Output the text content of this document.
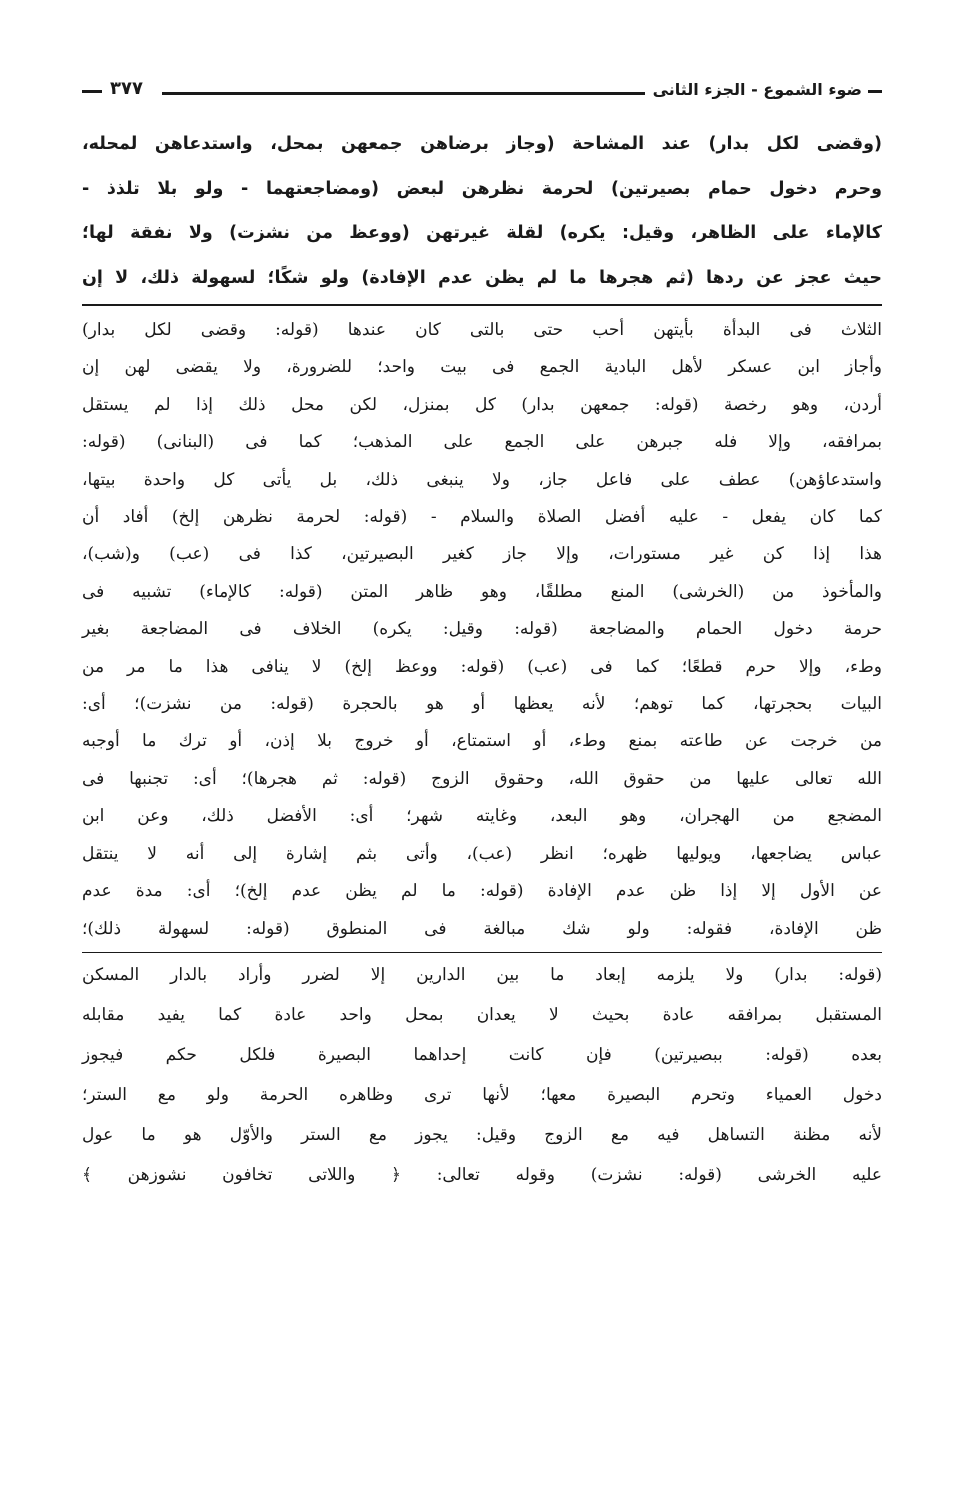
ضوء الشموع - الجزء الثانى
٣٧٧

(وقضى لكل بدار) عند المشاحة (وجاز برضاهن جمعهن بمحل، واستدعاهن لمحله،

وحرم دخول حمام بصيرتين) لحرمة نظرهن لبعض (ومضاجعتهما - ولو بلا تلذذ -

كالإماء على الظاهر، وقيل: يكره) لقلة غيرتهن (ووعظ من نشزت) ولا نفقة لها؛

حيث عجز عن ردها (ثم هجرها ما لم يظن عدم الإفادة) ولو شكًا؛ لسهولة ذلك، لا إن

الثلاث فى البدأة بأيتهن أحب حتى بالتى كان عندها (قوله: وقضى لكل بدار)

وأجاز ابن عسكر لأهل البادية الجمع فى بيت واحد؛ للضرورة، ولا يقضى لهن إن

أردن، وهو رخصة (قوله: جمعهن بدار) كل بمنزل، لكن محل ذلك إذا لم يستقل

بمرافقه، وإلا فله جبرهن على الجمع على المذهب؛ كما فى (البنانى) (قوله:

واستدعاؤهن) عطف على فاعل جاز، ولا ينبغى ذلك، بل يأتى كل واحدة بيتها،

كما كان يفعل - عليه أفضل الصلاة والسلام - (قوله: لحرمة نظرهن إلخ) أفاد أن

هذا إذا كن غير مستورات، وإلا جاز كغير البصيرتين، كذا فى (عب) و(شب)،

والمأخوذ من (الخرشى) المنع مطلقًا، وهو ظاهر المتن (قوله: كالإماء) تشبيه فى

حرمة دخول الحمام والمضاجعة (قوله: وقيل: يكره) الخلاف فى المضاجعة بغير

وطء، وإلا حرم قطعًا؛ كما فى (عب) (قوله: ووعظ إلخ) لا ينافى هذا ما مر من

البيات بحجرتها، كما توهم؛ لأنه يعظها أو هو بالحجرة (قوله: من نشزت)؛ أى:

من خرجت عن طاعته بمنع وطء، أو استمتاع، أو خروج بلا إذن، أو ترك ما أوجبه

الله تعالى عليها من حقوق الله، وحقوق الزوج (قوله: ثم هجرها)؛ أى: تجنبها فى

المضجع من الهجران، وهو البعد، وغايته شهر؛ أى: الأفضل ذلك، وعن ابن

عباس يضاجعها، ويوليها ظهره؛ انظر (عب)، وأتى بثم إشارة إلى أنه لا ينتقل

عن الأول إلا إذا ظن عدم الإفادة (قوله: ما لم يظن عدم إلخ)؛ أى: مدة عدم

ظن الإفادة، فقوله: ولو شك مبالغة فى المنطوق (قوله: لسهولة ذلك)؛

(قوله: بدار) ولا يلزمه إبعاد ما بين الدارين إلا لضرر وأراد بالدار المسكن

المستقبل بمرافقه عادة بحيث لا يعدان بمحل واحد عادة كما يفيد مقابله

بعده (قوله: ببصيرتين) فإن كانت إحداهما البصيرة فلكل حكم فيجوز

دخول العمياء وتحرم البصيرة معها؛ لأنها ترى وظاهره الحرمة ولو مع الستر؛

لأنه مظنة التساهل فيه مع الزوج وقيل: يجوز مع الستر والأوّل هو ما عول

عليه الخرشى (قوله: نشزت) وقوله تعالى: ﴿ واللاتى تخافون نشوزهن ﴾
